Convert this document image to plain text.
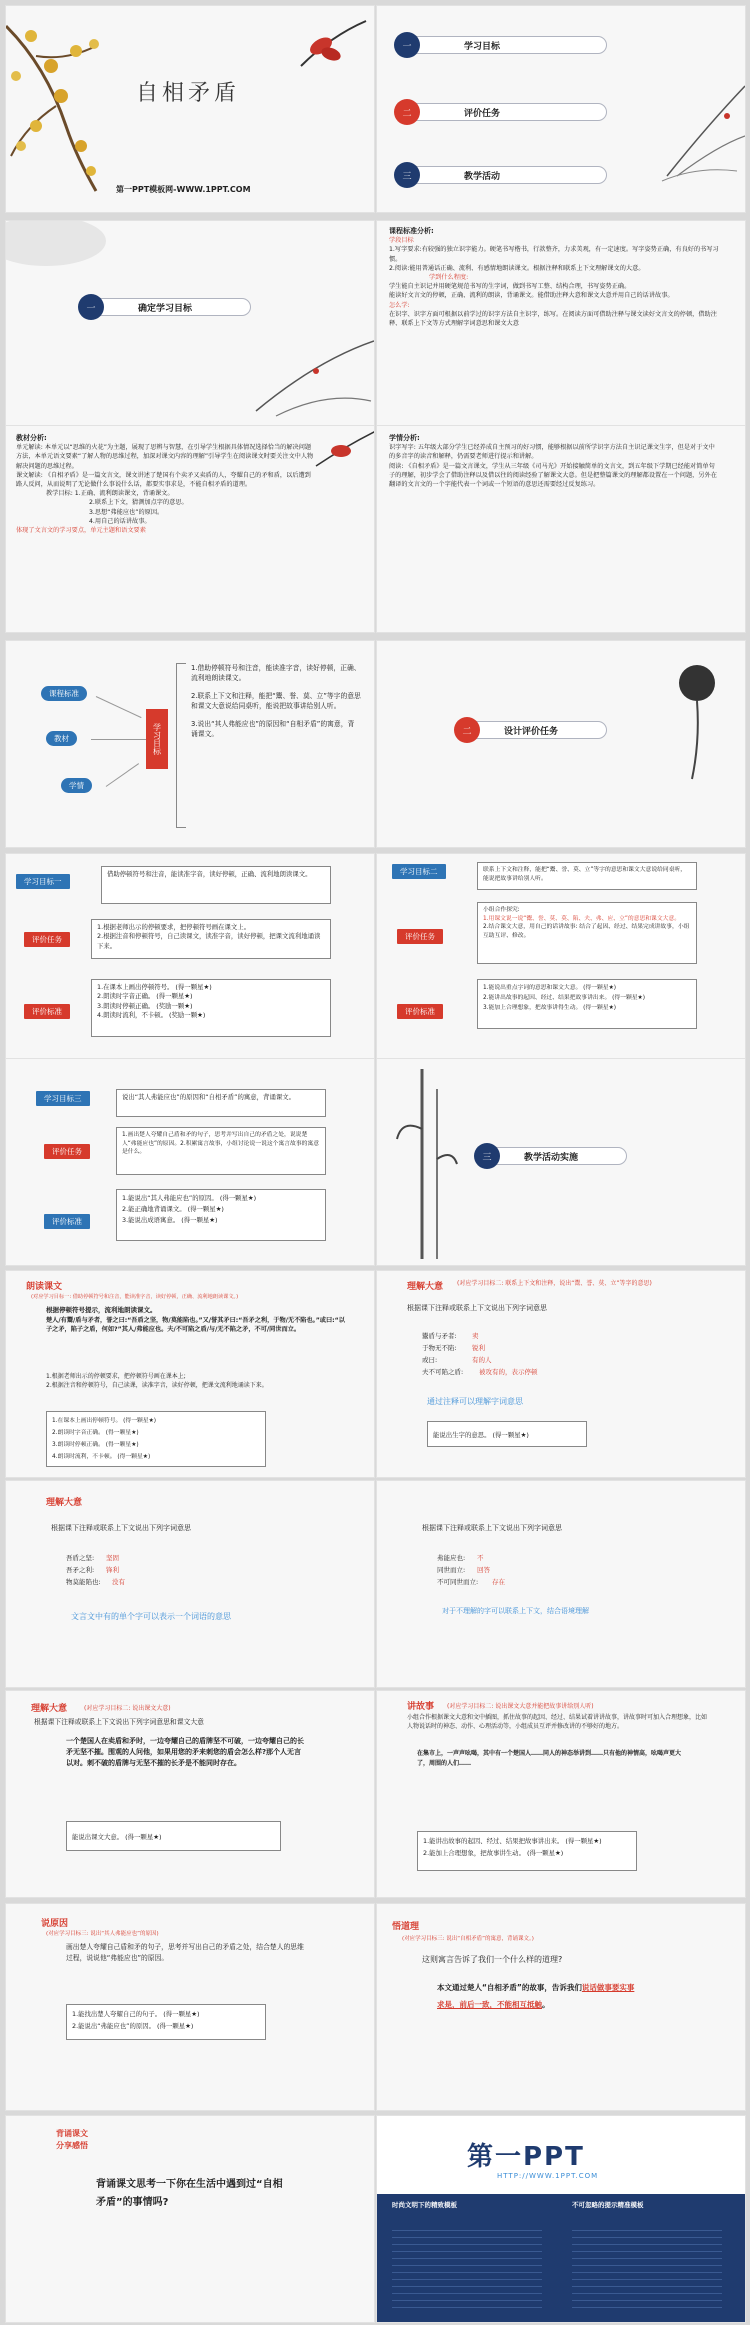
自相矛盾
第一PPT模板网-WWW.1PPT.COM
一	学习目标
二	评价任务
三	教学活动
一	确定学习目标
课程标准分析:
学段目标
1.写字要求:有较强的独立识字能力。硬笔书写楷书，行款整齐，力求美观，有一定速度。写字姿势正确，有良好的书写习惯。
2.阅读:能用普通话正确、流利、有感情地朗读课文。根据注释和联系上下文理解课文的大意。
学到什么程度:
学生能自主识记并用硬笔规范书写的生字词，做到书写工整、结构合理，书写姿势正确。
能读好文言文的停顿，正确、流利的朗读，背诵课文。能借助注释大意和课文大意并用自己的话讲故事。
怎么学:
在识字、识字方面可根据以前学过的识字方法自主识字，练写。在阅读方面可借助注释与课文读好文言文的停顿，借助注释、联系上下文等方式理解字词意思和课文大意
教材分析:
单元解读: 本单元以“思维的火花”为主题，展现了思辨与智慧，在引导学生根据具体情况选择恰当的解决问题方法，本单元语文要素“了解人物的思维过程，加深对课文内容的理解”引导学生在阅读课文时要关注文中人物解决问题的思维过程。
课文解读: 《自相矛盾》是一篇文言文，课文讲述了楚国有个卖矛又卖盾的人，夸耀自己的矛和盾，以后遭到路人反问，从而说明了无论做什么事说什么话，都要实事求是，不能自相矛盾的道理。
教学目标: 1.正确、流利朗读课文，背诵课文。
2.联系上下文，猜测加点字的意思。
3.思想“弗能应也”的原因。
4.用自己的话讲故事。
体现了文言文的学习要点，单元主题和语文要素
学情分析:
识字写字: 五年级大部分学生已经养成自主预习的好习惯，能够根据以前所学识字方法自主识记课文生字，但是对于文中的多音字的读音和解释，仍需要老师进行提示和讲解。
阅读: 《自相矛盾》是一篇文言课文，学生从三年级《司马光》开始接触简单的文言文，到五年级下学期已经能对简单句子的理解，初步学会了借助注释以及借以往的阅读经验了解课文大意。但是把整篇课文的理解都设置在一个问题，另外在翻译的文言文的一个字能代表一个词或一个短语的意思还需要经过反复练习。
课程标准
教材
学情
学习目标
1.借助停顿符号和注音，能读准字音，读好停顿，正确、流利地朗读课文。
2.联系上下文和注释，能把“鬻、誉、莫、立”等字的意思和课文大意说给同桌听，能说把故事讲给别人听。
3.说出“其人弗能应也”的原因和“自相矛盾”的寓意，背诵课文。	二	设计评价任务
学习目标一
借助停顿符号和注音，能读准字音，读好停顿，正确、流利地朗读课文。
评价任务
1.根据老师出示的停顿要求，把停顿符号画在课文上。
2.根据注音和停顿符号，自己读课文，读准字音，读好停顿，把课文流利地诵读下来。
评价标准
1.在课本上画出停顿符号。 (得一颗星★)
2.朗读时字音正确。 (得一颗星★)
3.朗读时停顿正确。 (奖励一颗★)
4.朗读时流利，不卡顿。 (奖励一颗★)
学习目标二	联系上下文和注释，能把“鬻、誉、莫、立”等字的意思和课文大意说给同桌听，能说把故事讲给别人听。
评价任务
小组合作探究:
1.用课文说一说“鬻、誉、莫、莫、陷、夫、弗、应、立”的意思和课文大意。
2.结合课文大意，用自己的话讲故事: 结合了起因、经过、结果完成讲故事，小组互助互评、修改。
评价标准
1.能说出重点字词的意思和课文大意。 (得一颗星★)
2.能讲出故事的起因、经过、结果把故事讲出来。 (得一颗星★)
3.能加上合理想象，把故事讲得生动。 (得一颗星★)
学习目标三	说出“其人弗能应也”的原因和“自相矛盾”的寓意，背诵课文。
评价任务
1.画出楚人夸耀自己盾和矛的句子，思考并写出自己的矛盾之处，说说楚人“弗能应也”的原因。2.积累寓言故事，小组讨论说一说这个寓言故事的寓意是什么。
评价标准
1.能说出“其人弗能应也”的原因。 (得一颗星★)
2.能正确地背诵课文。 (得一颗星★)
3.能说出成语寓意。 (得一颗星★)
三	教学活动实施
朗读课文
(对应学习目标一: 借助停顿符号和注音，能读准字音，读好停顿，正确、流利地朗读课文。)
根据停顿符号提示，流利地朗读课文。
楚人/有鬻/盾与矛者，誉之曰:“吾盾之坚，物/莫能陷也。”又/誉其矛曰:“吾矛之利，于物/无不陷也。”或曰:“以子之矛，陷子之盾，何如?”其人/弗能应也。夫/不可陷之盾/与/无不陷之矛，不可/同世而立。
1.根据老师出示的停顿要求，把停顿符号画在课本上;
2.根据注音和停顿符号，自己读课，读准字音，读好停顿，把课文流利地诵读下来。
1.在课本上画出停顿符号。 (得一颗星★)
2.朗读时字音正确。 (得一颗星★)
3.朗读时停顿正确。 (得一颗星★)
4.朗读时流利，不卡顿。 (得一颗星★)
理解大意 (对应学习目标二: 联系上下文和注释，说出“鬻、誉、莫、立”等字的意思)
根据课下注释或联系上下文说出下列字词意思
鬻盾与矛者: 卖
于物无不陷: 锐利
或曰:	有的人
夫不可陷之盾: 被攻有的，表示停顿
通过注释可以理解字词意思
能说出生字的意思。 (得一颗星★)
理解大意
根据课下注释或联系上下文说出下列字词意思
吾盾之坚: 坚固
吾矛之利: 锋利
物莫能陷也: 没有
文言文中有的单个字可以表示一个词语的意思
根据课下注释或联系上下文说出下列字词意思
弗能应也: 不
同世而立: 回答
不可同世而立: 存在
对于不理解的字可以联系上下文，结合语境理解
理解大意	(对应学习目标二: 说出课文大意)
根据课下注释或联系上下文说出下列字词意思和课文大意
一个楚国人在卖盾和矛时，一边夸耀自己的盾牌坚不可破，一边夸耀自己的长矛无坚不摧。围观的人问他，如果用您的矛来刺您的盾会怎么样?那个人无言以对。刺不破的盾牌与无坚不摧的长矛是不能同时存在。
能说出课文大意。 (得一颗星★)
讲故事 (对应学习目标二: 说出课文大意并能把故事讲给别人听)
小组合作根据课文大意和文中插图，抓住故事的起因、经过、结果试着讲讲故事，讲故事时可加入合理想象，比如人物说话时的神态、动作、心理活动等，小组成员互评并修改讲的不够好的地方。
在集市上，一声声吆喝，其中有一个楚国人……同人的神态举讲到……只有他的神情高，吆喝声更大了，周围的人们……
1.能讲出故事的起因、经过、结果把故事讲出来。 (得一颗星★)
2.能加上合理想象，把故事讲生动。 (得一颗星★)
说原因
(对应学习目标三: 说出“其人弗能应也”的原因)
画出楚人夸耀自己盾和矛的句子，思考并写出自己的矛盾之处，结合楚人的思维过程，说说他“弗能应也”的原因。
1.能找出楚人夸耀自己的句子。 (得一颗星★)
2.能说出“弗能应也”的原因。 (得一颗星★)
悟道理
(对应学习目标三: 说出“自相矛盾”的寓意，背诵课文。)
这则寓言告诉了我们一个什么样的道理?
本文通过楚人“自相矛盾”的故事，告诉我们说话做事要实事求是，前后一致，不能相互抵触。
背诵课文
分享感悟
背诵课文思考一下你在生活中遇到过“自相矛盾”的事情吗?
第一PPT
HTTP://WWW.1PPT.COM
时尚文明下的精致模板	不可忽略的提示精准模板
